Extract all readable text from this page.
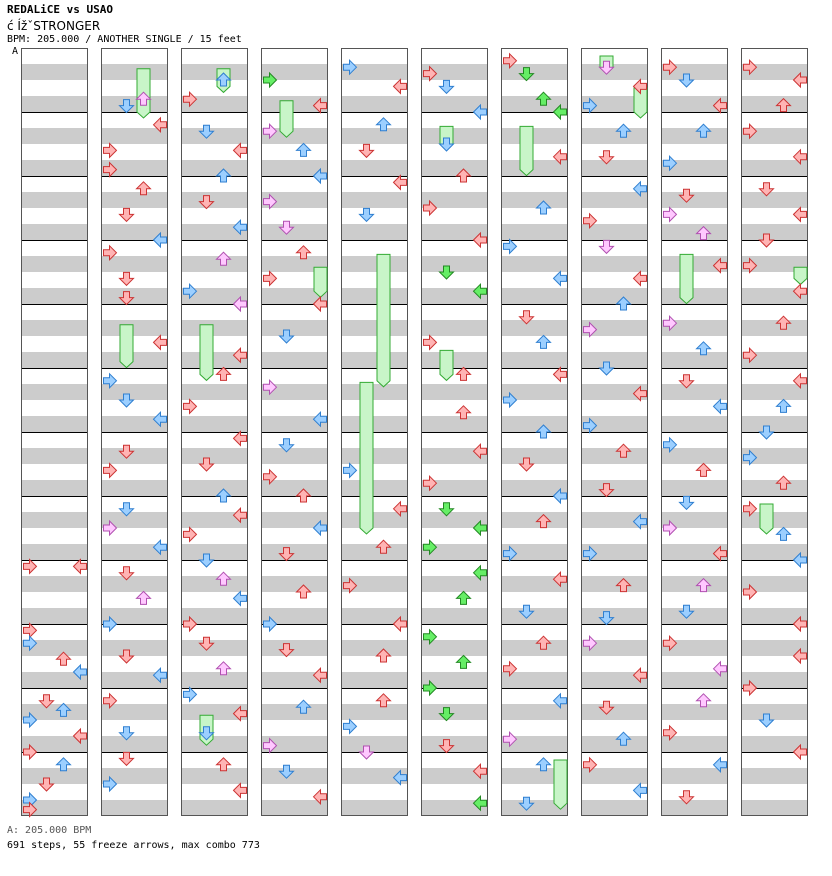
REDALiCE vs USAO
ć ÍžˇSTRONGER
BPM: 205.000 / ANOTHER SINGLE / 15 feet
A
A: 205.000 BPM
691 steps, 55 freeze arrows, max combo 773
